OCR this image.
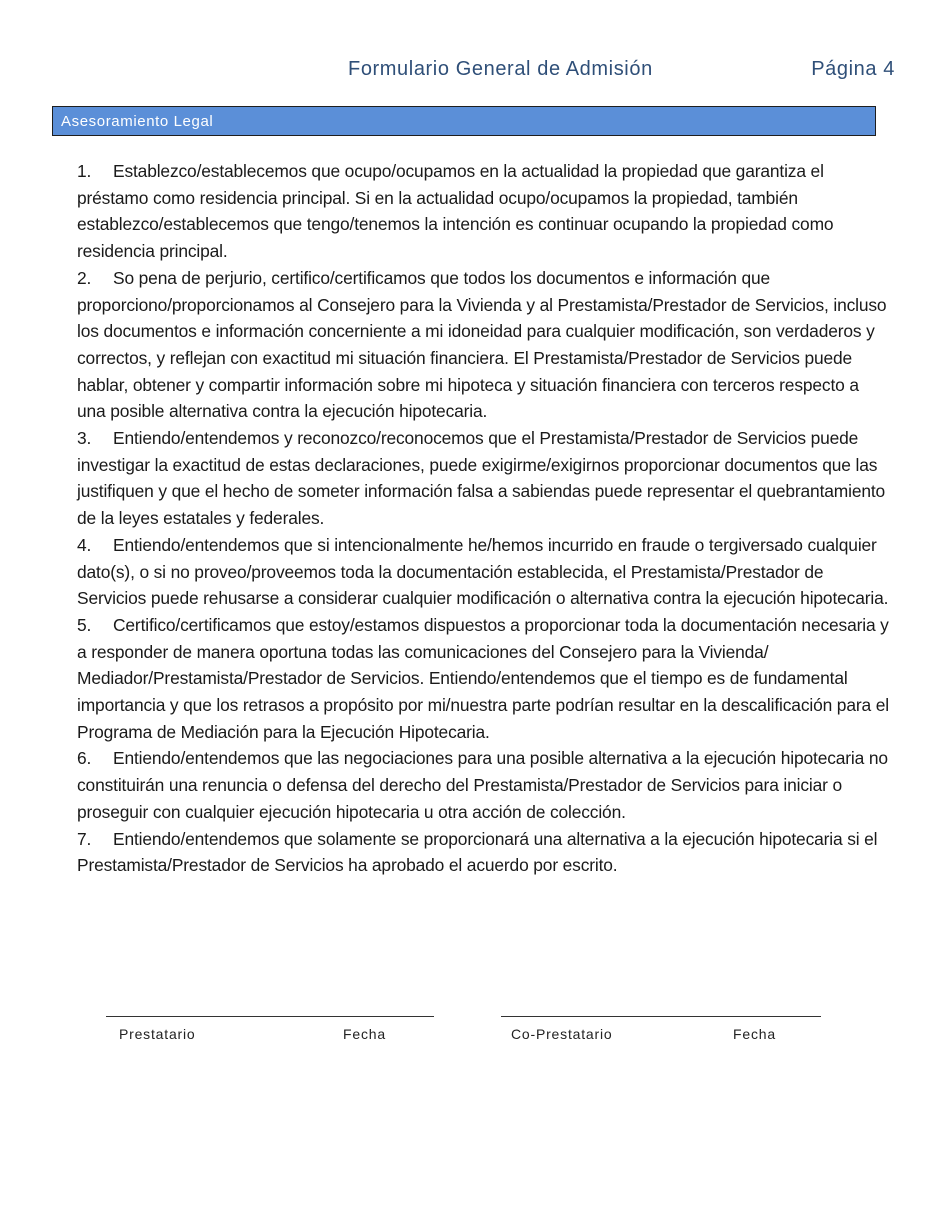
Formulario General de Admisión	Página 4
Asesoramiento Legal

1. Establezco/establecemos que ocupo/ocupamos en la actualidad la propiedad que garantiza el préstamo como residencia principal. Si en la actualidad ocupo/ocupamos la propiedad, también establezco/establecemos que tengo/tenemos la intención es continuar ocupando la propiedad como residencia principal.

2. So pena de perjurio, certifico/certificamos que todos los documentos e información que proporciono/proporcionamos al Consejero para la Vivienda y al Prestamista/Prestador de Servicios, incluso los documentos e información concerniente a mi idoneidad para cualquier modificación, son verdaderos y correctos, y reflejan con exactitud mi situación financiera. El Prestamista/Prestador de Servicios puede hablar, obtener y compartir información sobre mi hipoteca y situación financiera con terceros respecto a una posible alternativa contra la ejecución hipotecaria.

3. Entiendo/entendemos y reconozco/reconocemos que el Prestamista/Prestador de Servicios puede investigar la exactitud de estas declaraciones, puede exigirme/exigirnos proporcionar documentos que las justifiquen y que el hecho de someter información falsa a sabiendas puede representar el quebrantamiento de la leyes estatales y federales.

4. Entiendo/entendemos que si intencionalmente he/hemos incurrido en fraude o tergiversado cualquier dato(s), o si no proveo/proveemos toda la documentación establecida, el Prestamista/Prestador de Servicios puede rehusarse a considerar cualquier modificación o alternativa contra la ejecución hipotecaria.

5. Certifico/certificamos que estoy/estamos dispuestos a proporcionar toda la documentación necesaria y a responder de manera oportuna todas las comunicaciones del Consejero para la Vivienda/ Mediador/Prestamista/Prestador de Servicios. Entiendo/entendemos que el tiempo es de fundamental importancia y que los retrasos a propósito por mi/nuestra parte podrían resultar en la descalificación para el Programa de Mediación para la Ejecución Hipotecaria.

6. Entiendo/entendemos que las negociaciones para una posible alternativa a la ejecución hipotecaria no constituirán una renuncia o defensa del derecho del Prestamista/Prestador de Servicios para iniciar o proseguir con cualquier ejecución hipotecaria u otra acción de colección.

7. Entiendo/entendemos que solamente se proporcionará una alternativa a la ejecución hipotecaria si el Prestamista/Prestador de Servicios ha aprobado el acuerdo por escrito.

Prestatario	Fecha	Co-Prestatario	Fecha
